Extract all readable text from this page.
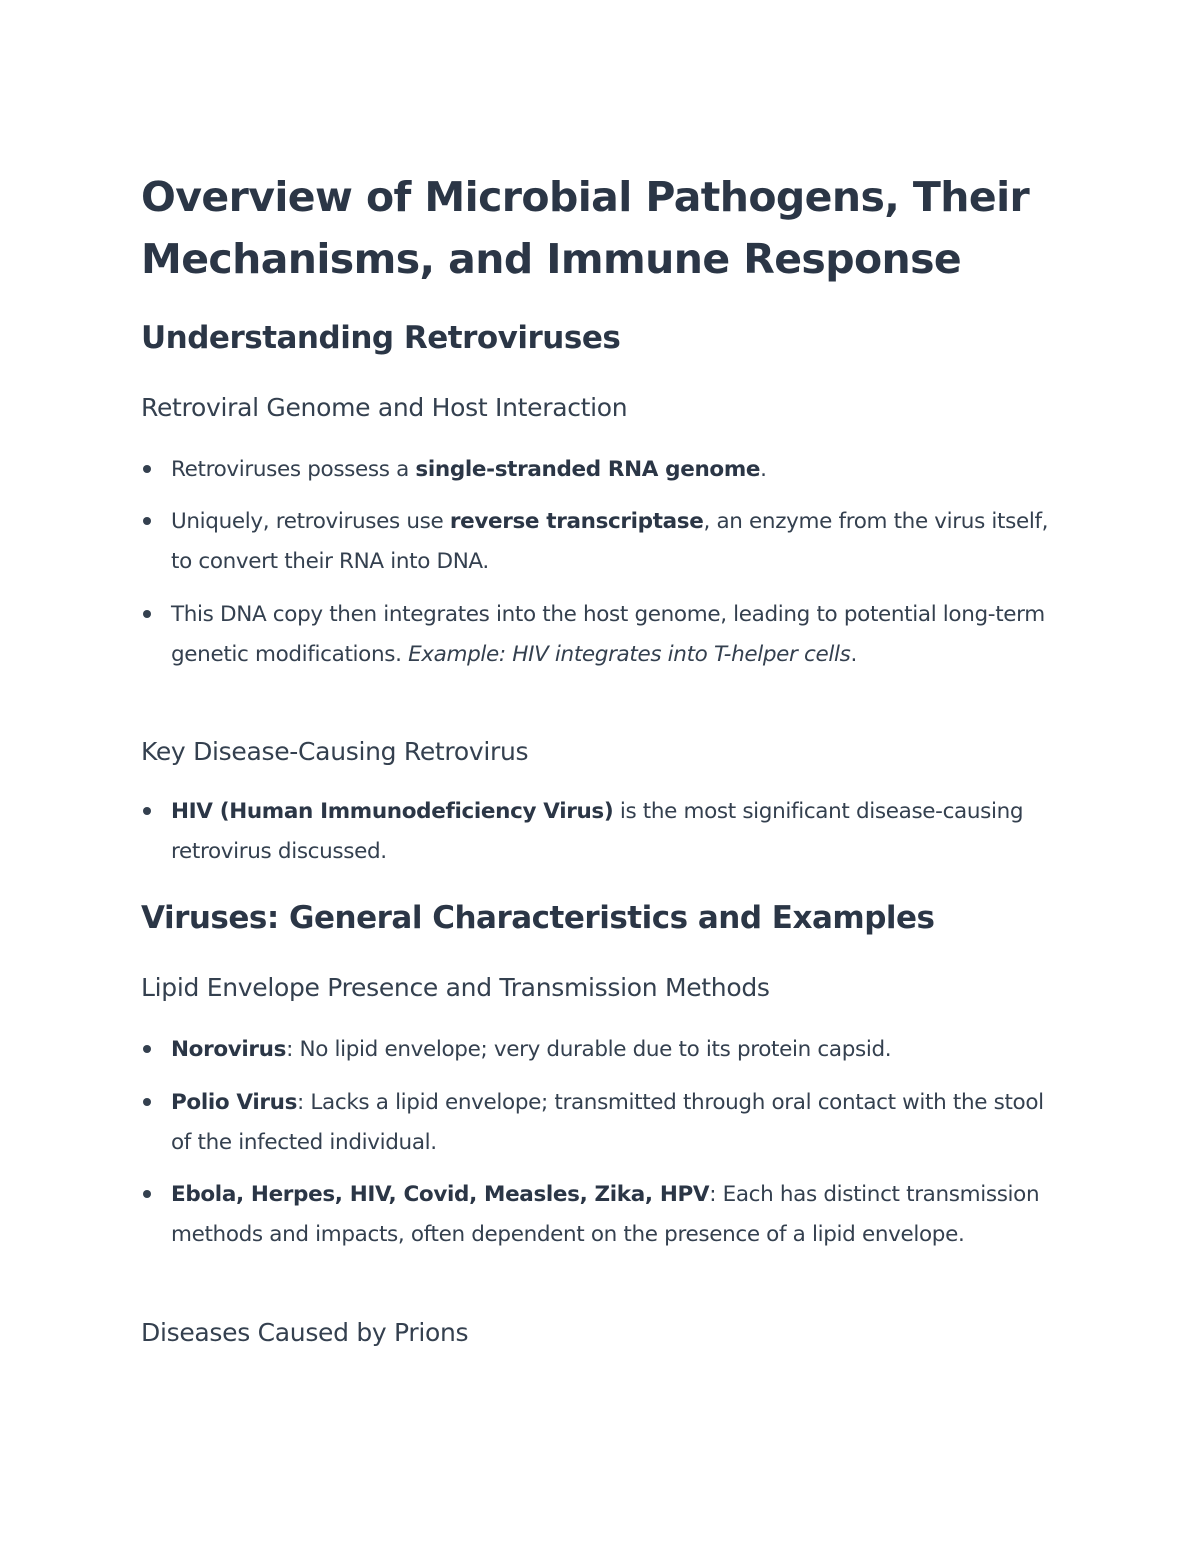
Overview of Microbial Pathogens, Their Mechanisms, and Immune Response
Understanding Retroviruses
Retroviral Genome and Host Interaction
Retroviruses possess a single-stranded RNA genome.
Uniquely, retroviruses use reverse transcriptase, an enzyme from the virus itself, to convert their RNA into DNA.
This DNA copy then integrates into the host genome, leading to potential long-term genetic modifications. Example: HIV integrates into T-helper cells.
Key Disease-Causing Retrovirus
HIV (Human Immunodeficiency Virus) is the most significant disease-causing retrovirus discussed.
Viruses: General Characteristics and Examples
Lipid Envelope Presence and Transmission Methods
Norovirus: No lipid envelope; very durable due to its protein capsid.
Polio Virus: Lacks a lipid envelope; transmitted through oral contact with the stool of the infected individual.
Ebola, Herpes, HIV, Covid, Measles, Zika, HPV: Each has distinct transmission methods and impacts, often dependent on the presence of a lipid envelope.
Diseases Caused by Prions
